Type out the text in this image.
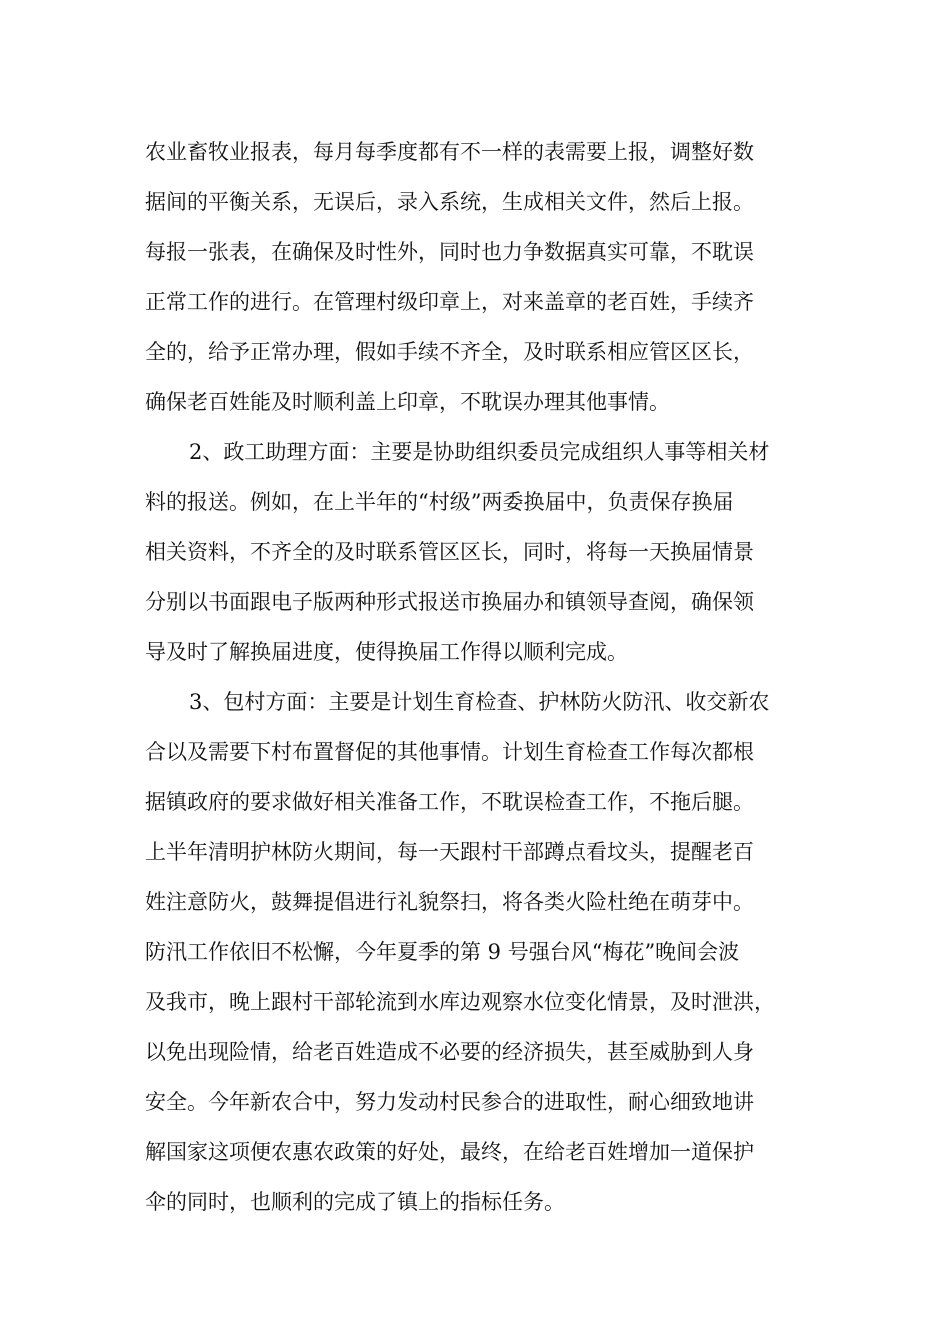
农业畜牧业报表，每月每季度都有不一样的表需要上报，调整好数
据间的平衡关系，无误后，录入系统，生成相关文件，然后上报。
每报一张表，在确保及时性外，同时也力争数据真实可靠，不耽误
正常工作的进行。在管理村级印章上，对来盖章的老百姓，手续齐
全的，给予正常办理，假如手续不齐全，及时联系相应管区区长，
确保老百姓能及时顺利盖上印章，不耽误办理其他事情。
2、政工助理方面：主要是协助组织委员完成组织人事等相关材
料的报送。例如，在上半年的“村级”两委换届中，负责保存换届
相关资料，不齐全的及时联系管区区长，同时，将每一天换届情景
分别以书面跟电子版两种形式报送市换届办和镇领导查阅，确保领
导及时了解换届进度，使得换届工作得以顺利完成。
3、包村方面：主要是计划生育检查、护林防火防汛、收交新农
合以及需要下村布置督促的其他事情。计划生育检查工作每次都根
据镇政府的要求做好相关准备工作，不耽误检查工作，不拖后腿。
上半年清明护林防火期间，每一天跟村干部蹲点看坟头，提醒老百
姓注意防火，鼓舞提倡进行礼貌祭扫，将各类火险杜绝在萌芽中。
防汛工作依旧不松懈，今年夏季的第 9 号强台风“梅花”晚间会波
及我市，晚上跟村干部轮流到水库边观察水位变化情景，及时泄洪，
以免出现险情，给老百姓造成不必要的经济损失，甚至威胁到人身
安全。今年新农合中，努力发动村民参合的进取性，耐心细致地讲
解国家这项便农惠农政策的好处，最终，在给老百姓增加一道保护
伞的同时，也顺利的完成了镇上的指标任务。
